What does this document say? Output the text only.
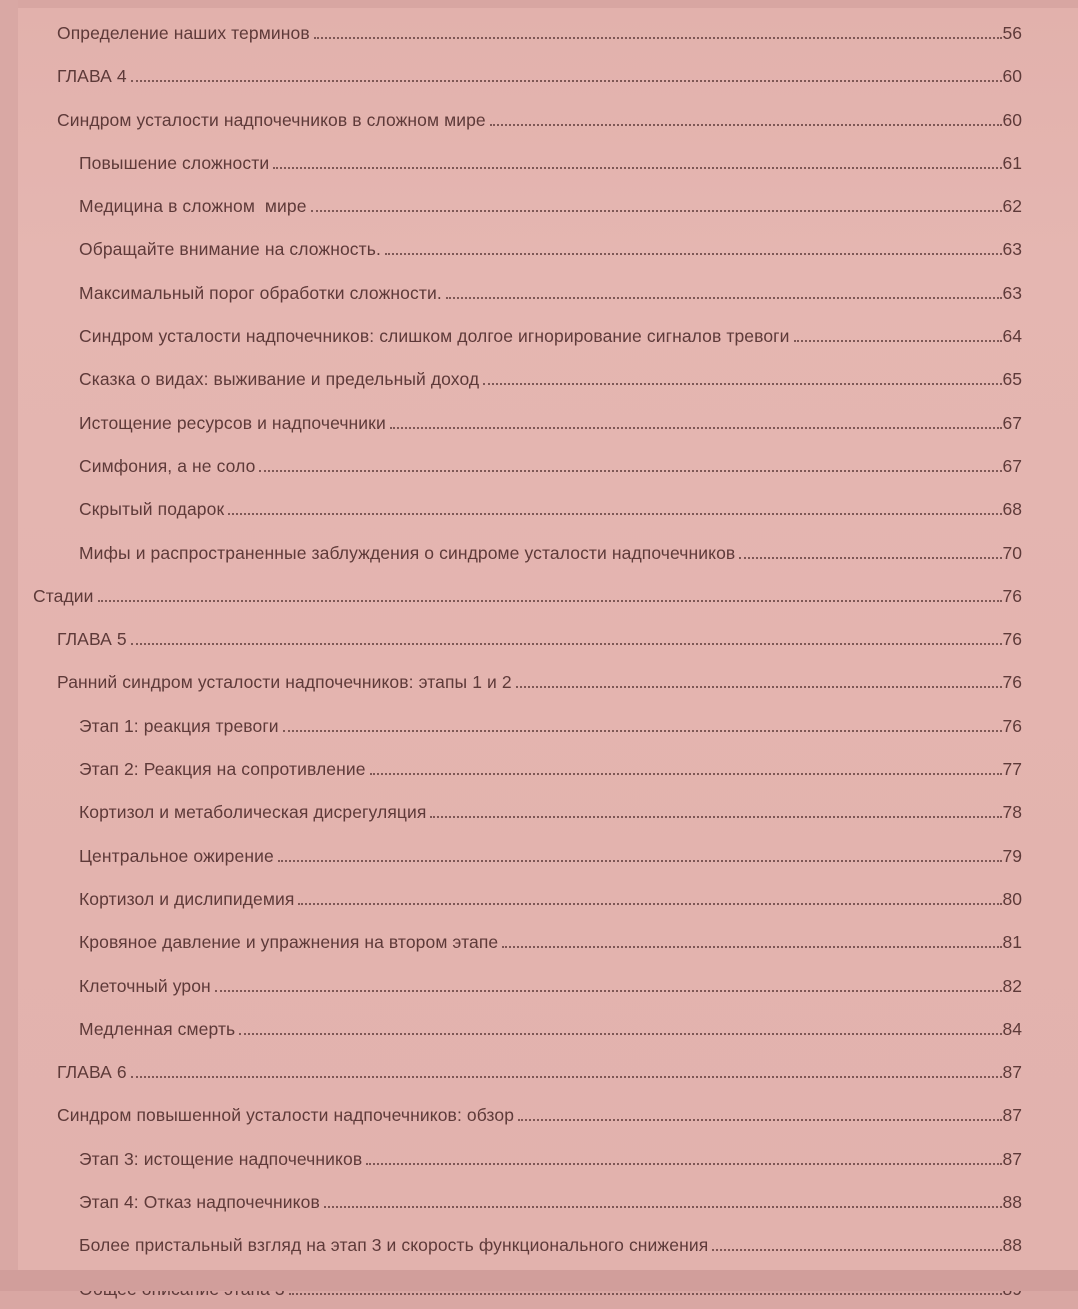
Определение наших терминов	56
ГЛАВА 4	60
Синдром усталости надпочечников в сложном мире	60
Повышение сложности	61
Медицина в сложном  мире	62
Обращайте внимание на сложность.	63
Максимальный порог обработки сложности.	63
Синдром усталости надпочечников: слишком долгое игнорирование сигналов тревоги	64
Сказка о видах: выживание и предельный доход	65
Истощение ресурсов и надпочечники	67
Симфония, а не соло	67
Скрытый подарок	68
Мифы и распространенные заблуждения о синдроме усталости надпочечников	70
Стадии	76
ГЛАВА 5	76
Ранний синдром усталости надпочечников: этапы 1 и 2	76
Этап 1: реакция тревоги	76
Этап 2: Реакция на сопротивление	77
Кортизол и метаболическая дисрегуляция	78
Центральное ожирение	79
Кортизол и дислипидемия	80
Кровяное давление и упражнения на втором этапе	81
Клеточный урон	82
Медленная смерть	84
ГЛАВА 6	87
Синдром повышенной усталости надпочечников: обзор	87
Этап 3: истощение надпочечников	87
Этап 4: Отказ надпочечников	88
Более пристальный взгляд на этап 3 и скорость функционального снижения	88
